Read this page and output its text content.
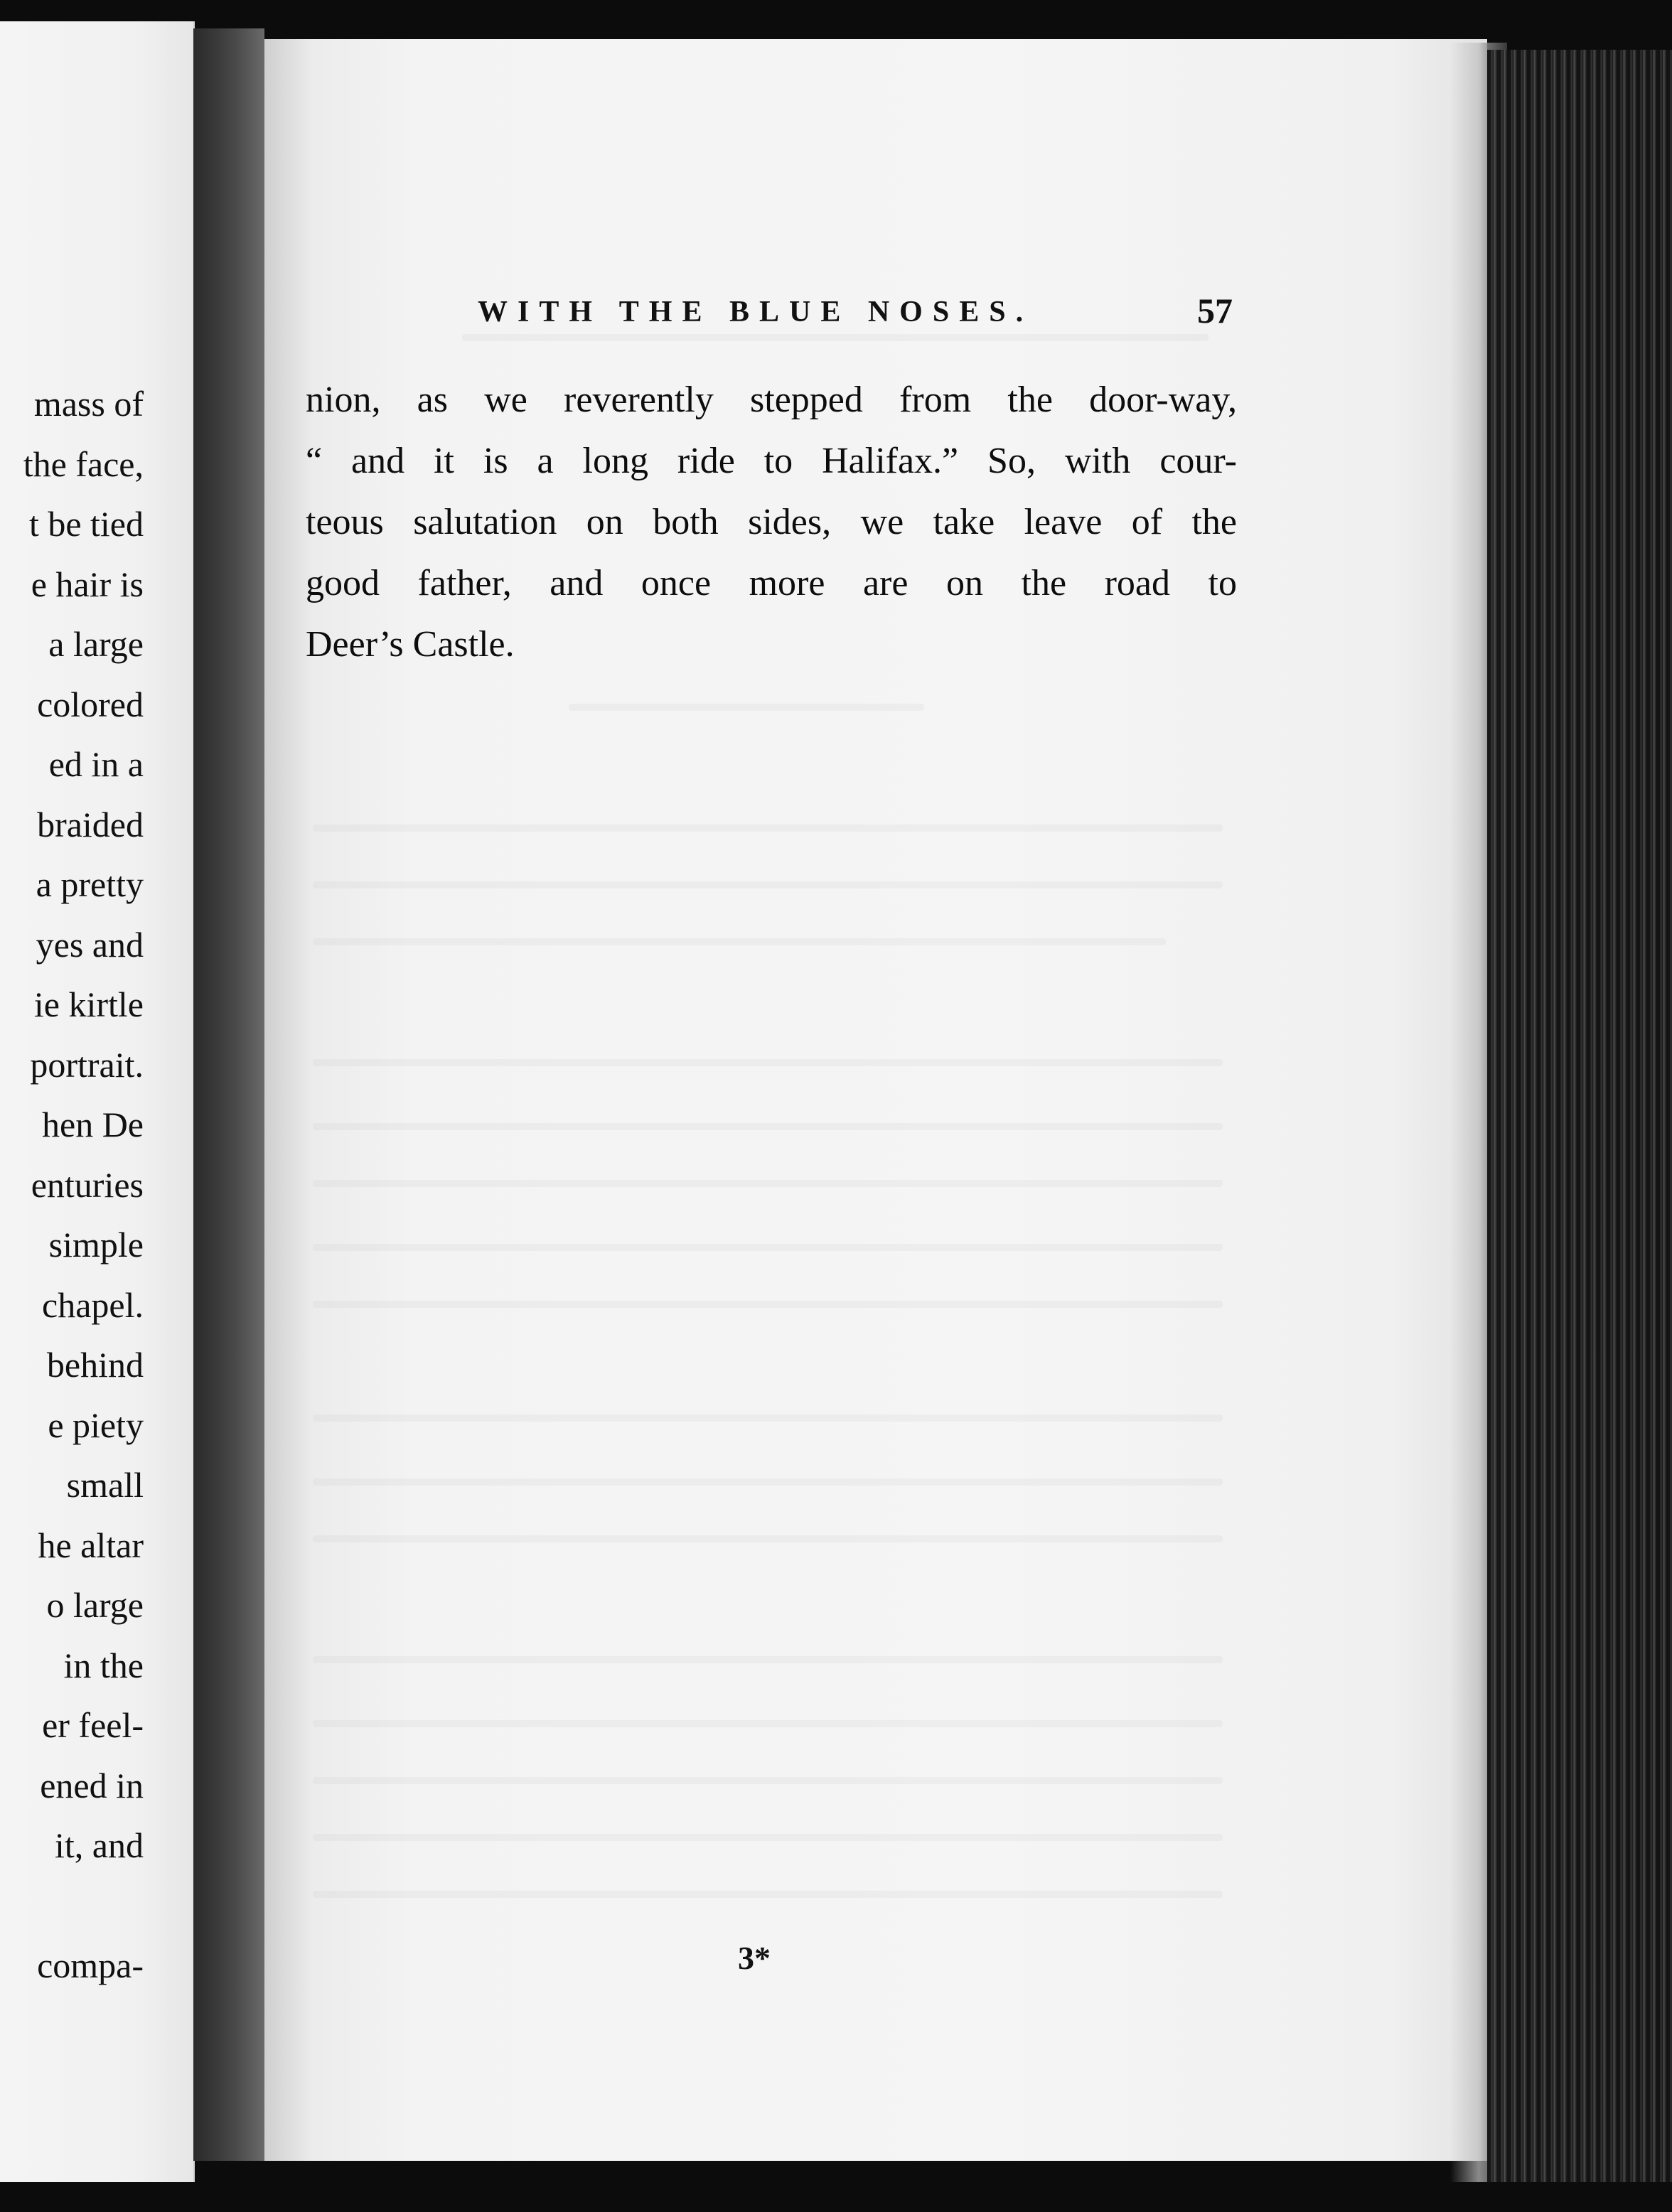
mass of
the face,
t be tied
e hair is
a large
colored
ed in a
braided
a pretty
yes and
ie kirtle
portrait.
hen De
enturies
simple
chapel.
behind
e piety
small
he altar
o large
in the
er feel-
ened in
it, and
compa-
WITH THE BLUE NOSES.	57
nion, as we reverently stepped from the door-way,
“ and it is a long ride to Halifax.” So, with cour-
teous salutation on both sides, we take leave of the
good father, and once more are on the road to
Deer’s Castle.
3*
